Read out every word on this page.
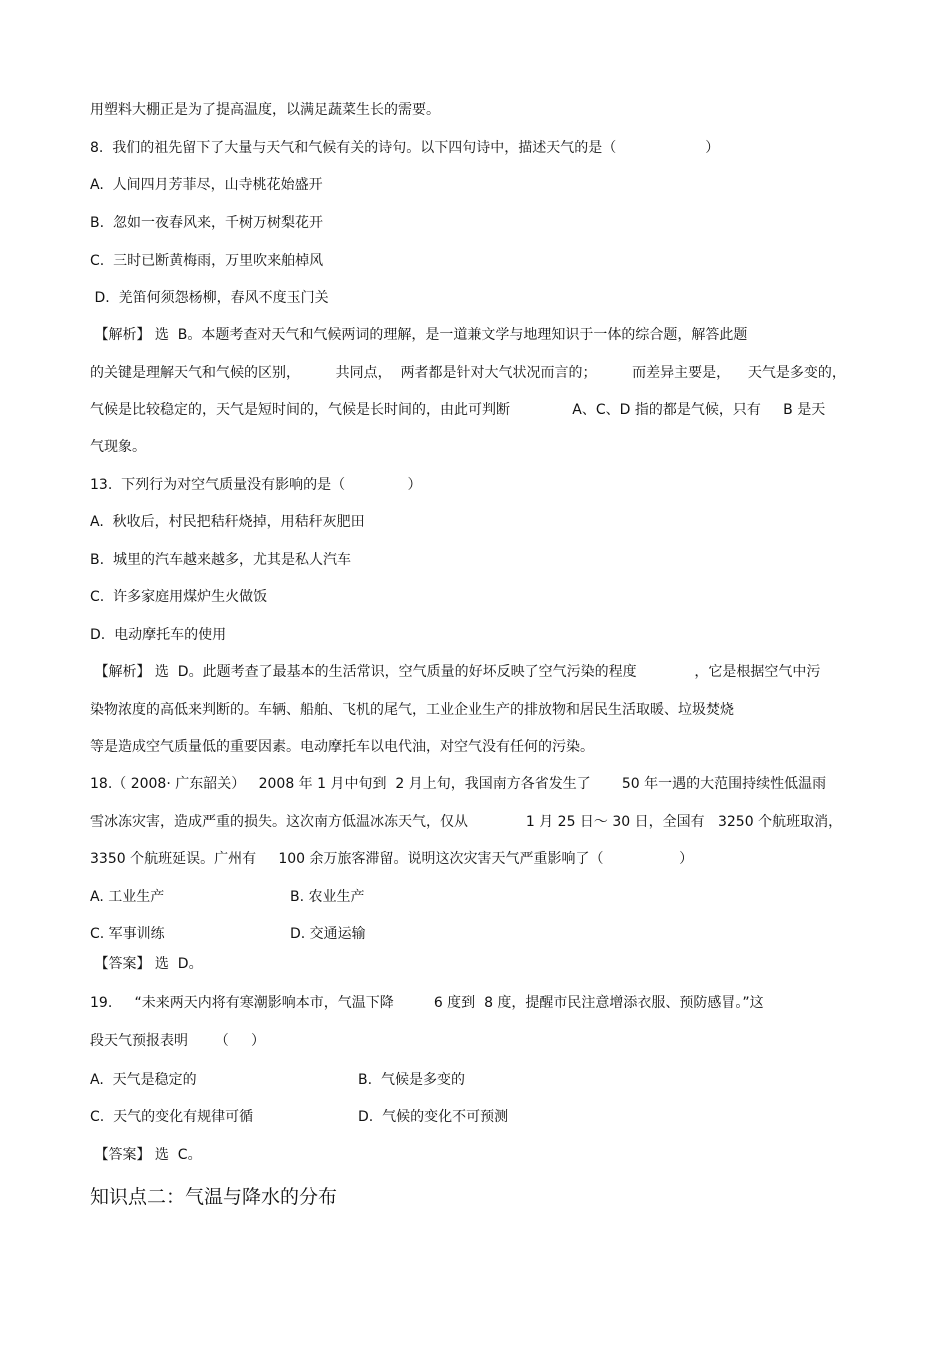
用塑料大棚正是为了提高温度，以满足蔬菜生长的需要。

8.  我们的祖先留下了大量与天气和气候有关的诗句。以下四句诗中，描述天气的是（                    ）

A.  人间四月芳菲尽，山寺桃花始盛开

B.  忽如一夜春风来，千树万树梨花开

C.  三时已断黄梅雨，万里吹来舶棹风

D.  羌笛何须怨杨柳，春风不度玉门关

【解析】 选  B。本题考查对天气和气候两词的理解，是一道兼文学与地理知识于一体的综合题，解答此题

的关键是理解天气和气候的区别，        共同点，  两者都是针对大气状况而言的；        而差异主要是，    天气是多变的，

气候是比较稳定的，天气是短时间的，气候是长时间的，由此可判断              A、C、D 指的都是气候，只有     B 是天

气现象。

13.  下列行为对空气质量没有影响的是（              ）

A.  秋收后，村民把秸秆烧掉，用秸秆灰肥田

B.  城里的汽车越来越多，尤其是私人汽车

C.  许多家庭用煤炉生火做饭

D.  电动摩托车的使用

【解析】 选  D。此题考查了最基本的生活常识，空气质量的好坏反映了空气污染的程度             ，它是根据空气中污

染物浓度的高低来判断的。车辆、船舶、飞机的尾气，工业企业生产的排放物和居民生活取暖、垃圾焚烧

等是造成空气质量低的重要因素。电动摩托车以电代油，对空气没有任何的污染。

18.（ 2008· 广东韶关）   2008 年 1 月中旬到  2 月上旬，我国南方各省发生了       50 年一遇的大范围持续性低温雨

雪冰冻灾害，造成严重的损失。这次南方低温冰冻天气，仅从             1 月 25 日～ 30 日，全国有   3250 个航班取消，

3350 个航班延误。广州有     100 余万旅客滞留。说明这次灾害天气严重影响了（                 ）

A. 工业生产	B. 农业生产
C. 军事训练	D. 交通运输

【答案】 选  D。

19.     “未来两天内将有寒潮影响本市，气温下降         6 度到  8 度，提醒市民注意增添衣服、预防感冒。”这

段天气预报表明      （     ）

A.  天气是稳定的	B.  气候是多变的
C.  天气的变化有规律可循	D.  气候的变化不可预测

【答案】 选  C。

知识点二：气温与降水的分布
